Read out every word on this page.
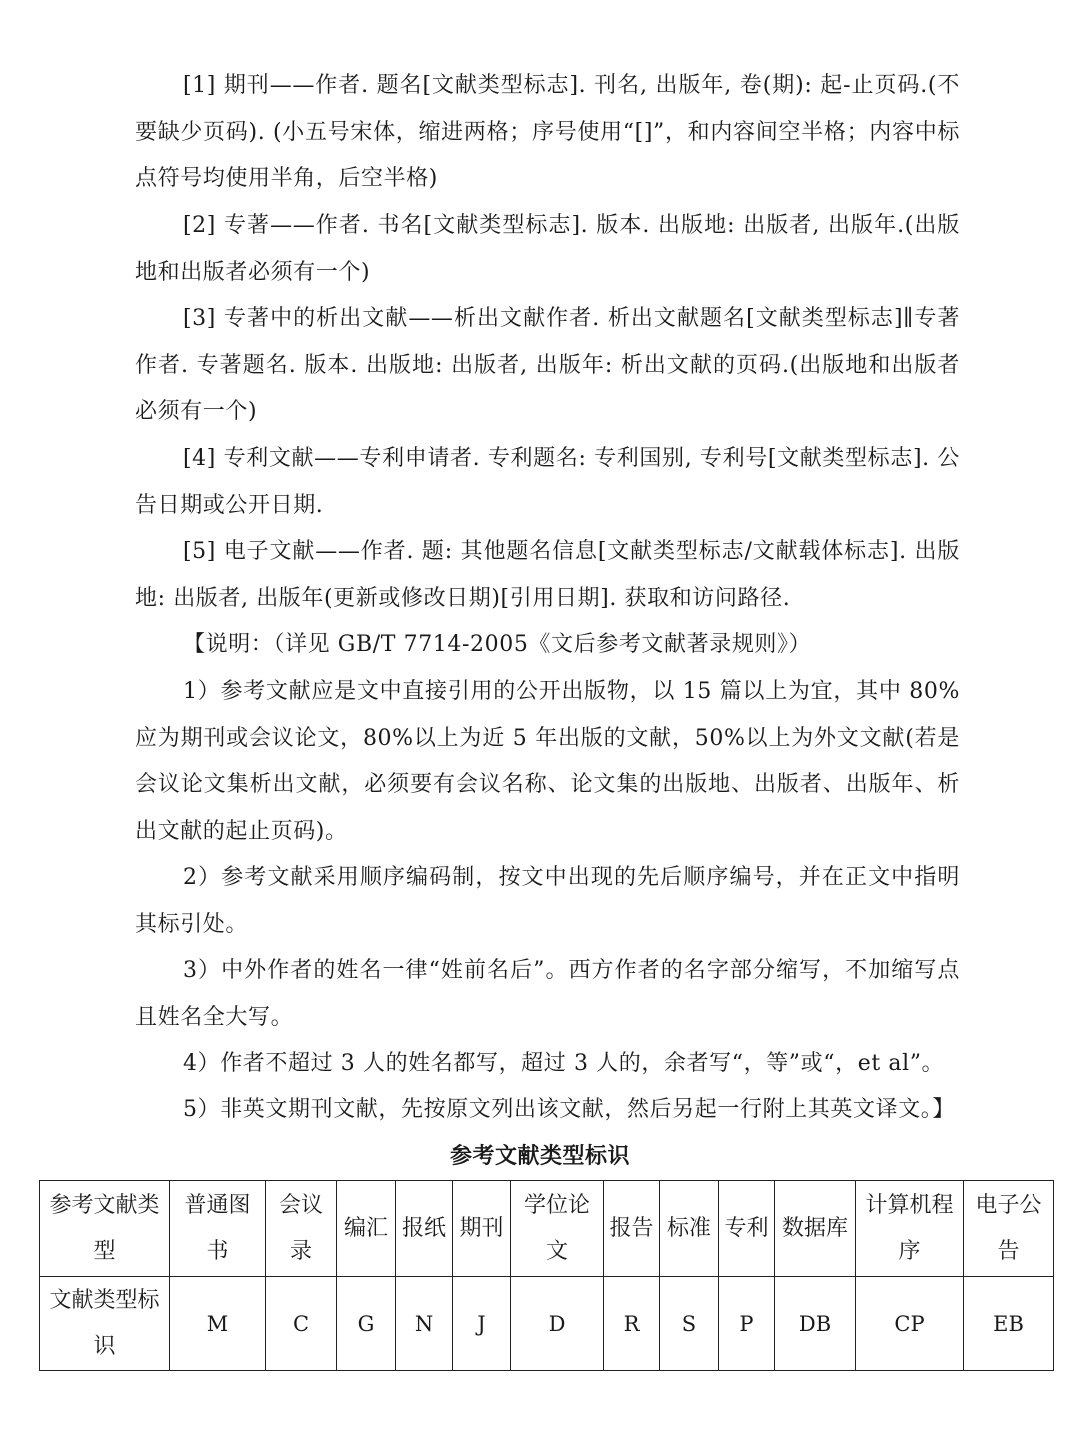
[1] 期刊——作者. 题名[文献类型标志]. 刊名, 出版年, 卷(期): 起-止页码.(不要缺少页码). (小五号宋体，缩进两格；序号使用“[]”，和内容间空半格；内容中标点符号均使用半角，后空半格)

[2] 专著——作者. 书名[文献类型标志]. 版本. 出版地: 出版者, 出版年.(出版地和出版者必须有一个)

[3] 专著中的析出文献——析出文献作者. 析出文献题名[文献类型标志]∥专著作者. 专著题名. 版本. 出版地: 出版者, 出版年: 析出文献的页码.(出版地和出版者必须有一个)

[4] 专利文献——专利申请者. 专利题名: 专利国别, 专利号[文献类型标志]. 公告日期或公开日期.

[5] 电子文献——作者. 题: 其他题名信息[文献类型标志/文献载体标志]. 出版地: 出版者, 出版年(更新或修改日期)[引用日期]. 获取和访问路径.

【说明：（详见 GB/T 7714-2005《文后参考文献著录规则》）

1）参考文献应是文中直接引用的公开出版物，以 15 篇以上为宜，其中 80%应为期刊或会议论文，80%以上为近 5 年出版的文献，50%以上为外文文献(若是会议论文集析出文献，必须要有会议名称、论文集的出版地、出版者、出版年、析出文献的起止页码)。

2）参考文献采用顺序编码制，按文中出现的先后顺序编号，并在正文中指明其标引处。

3）中外作者的姓名一律“姓前名后”。西方作者的名字部分缩写，不加缩写点且姓名全大写。

4）作者不超过 3 人的姓名都写，超过 3 人的，余者写“，等”或“，et al”。

5）非英文期刊文献，先按原文列出该文献，然后另起一行附上其英文译文。】

参考文献类型标识
参考文献类型	普通图书	会议录	编汇	报纸	期刊	学位论文	报告	标准	专利	数据库	计算机程序	电子公告
文献类型标识	M	C	G	N	J	D	R	S	P	DB	CP	EB
